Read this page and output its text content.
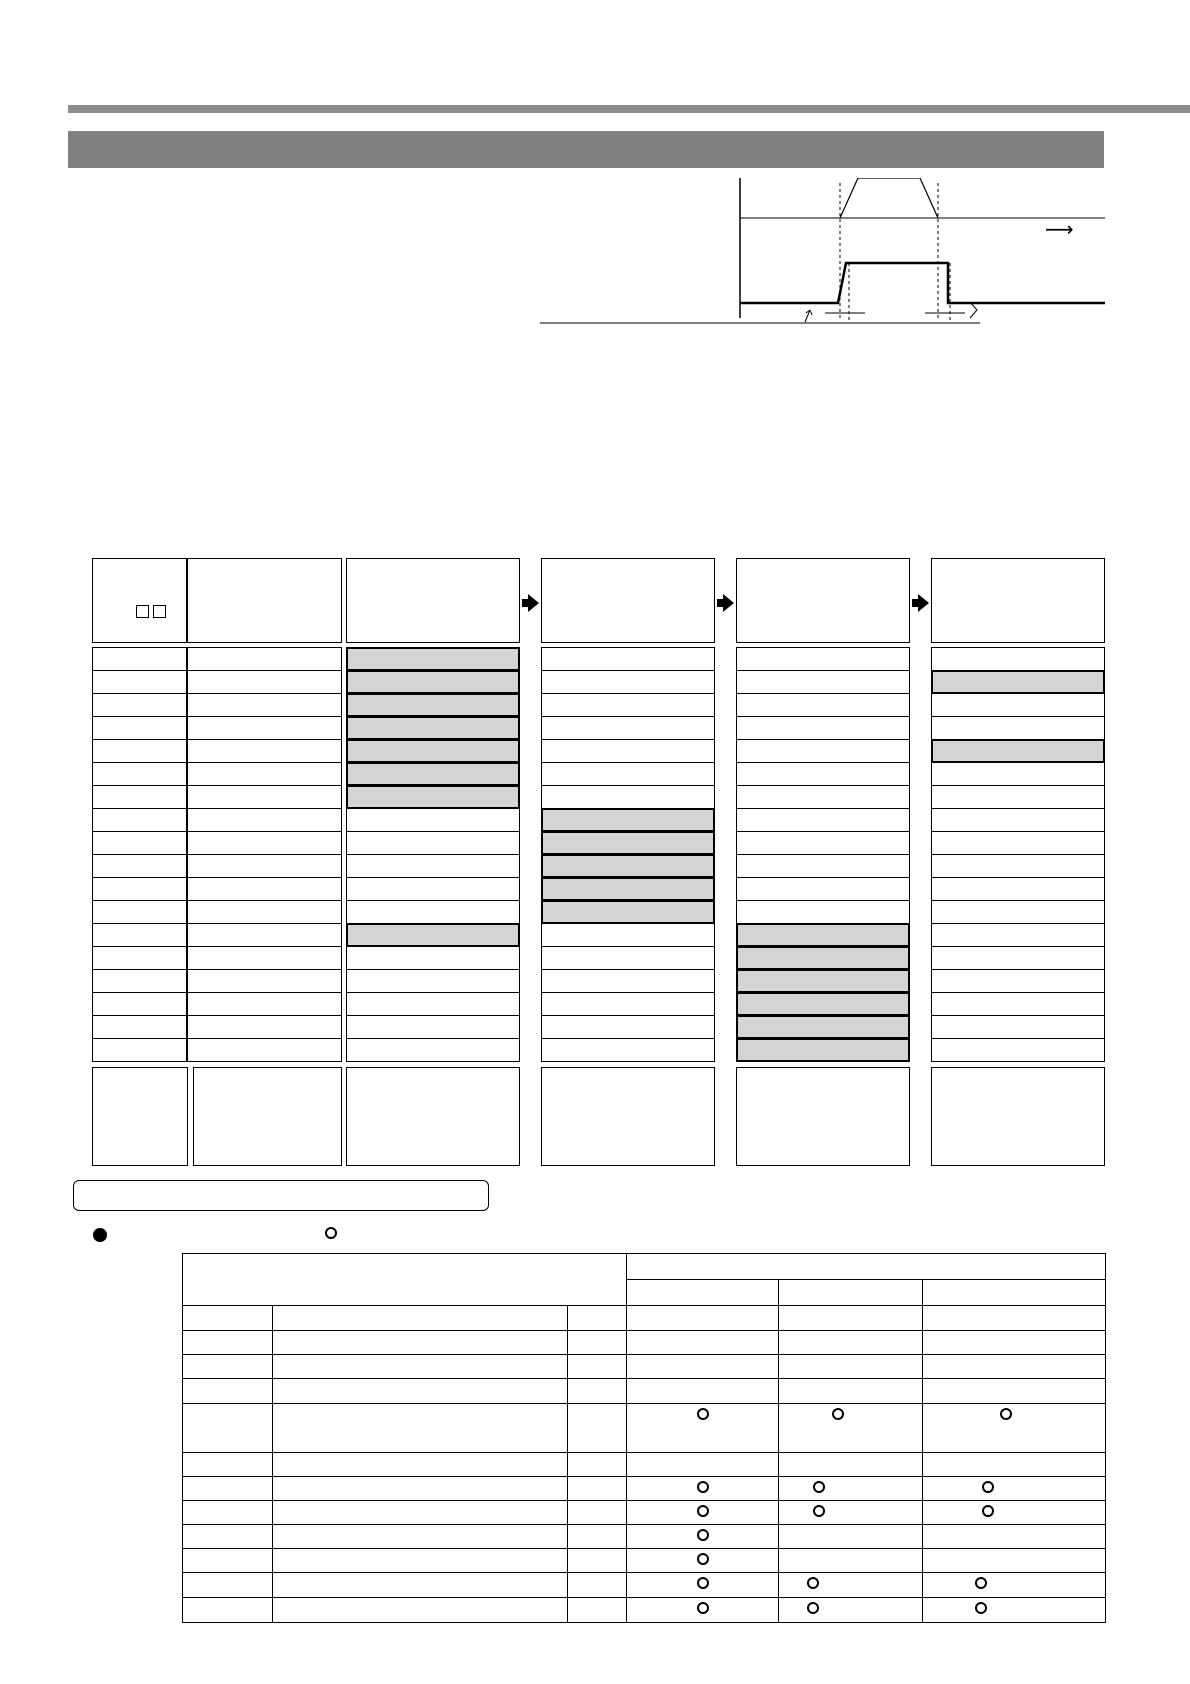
⟶
